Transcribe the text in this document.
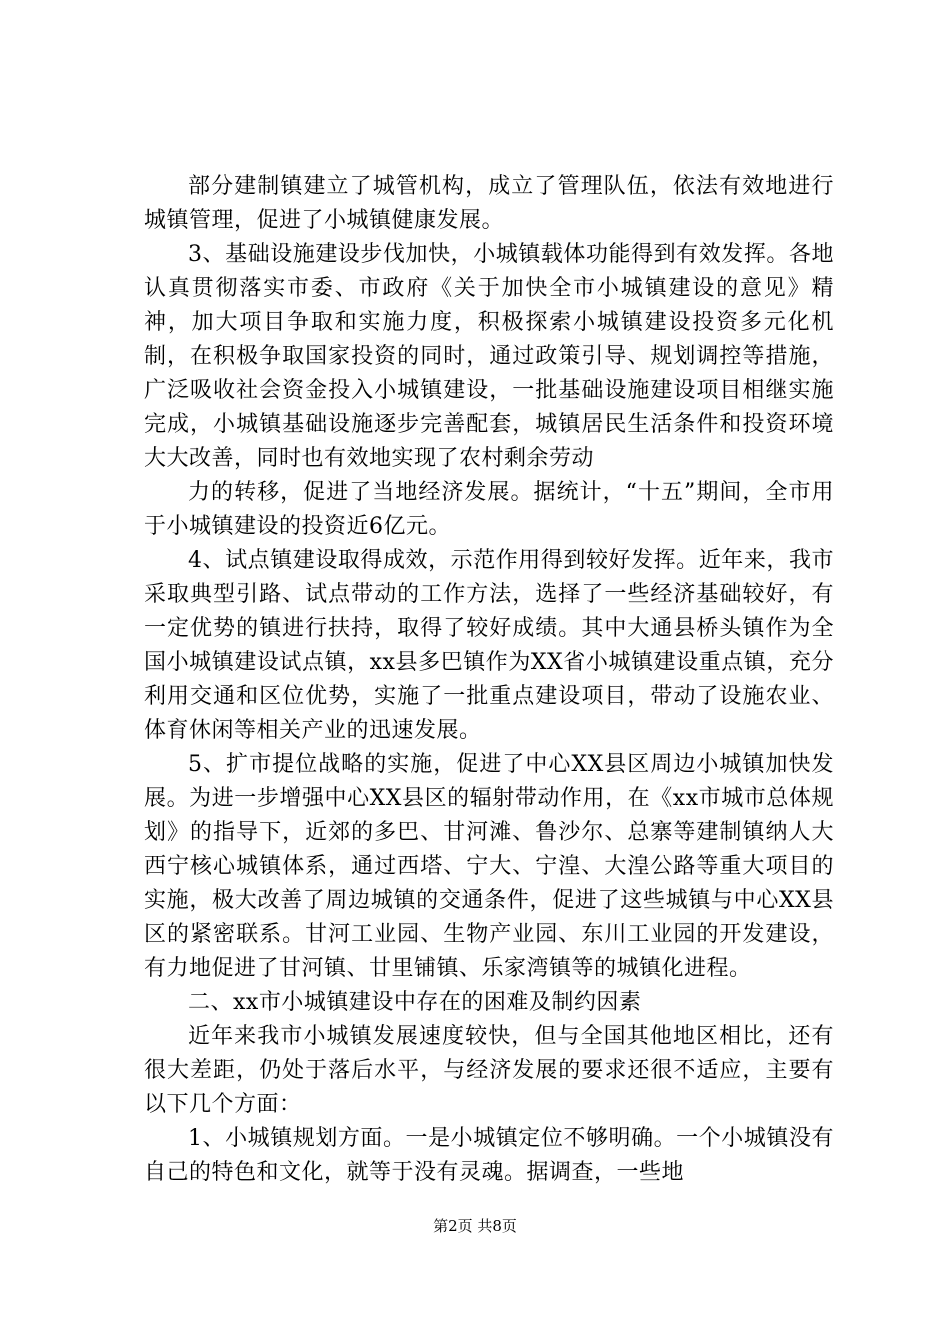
部分建制镇建立了城管机构，成立了管理队伍，依法有效地进行城镇管理，促进了小城镇健康发展。

3、基础设施建设步伐加快，小城镇载体功能得到有效发挥。各地认真贯彻落实市委、市政府《关于加快全市小城镇建设的意见》精神，加大项目争取和实施力度，积极探索小城镇建设投资多元化机制，在积极争取国家投资的同时，通过政策引导、规划调控等措施，广泛吸收社会资金投入小城镇建设，一批基础设施建设项目相继实施完成，小城镇基础设施逐步完善配套，城镇居民生活条件和投资环境大大改善，同时也有效地实现了农村剩余劳动

力的转移，促进了当地经济发展。据统计，“十五”期间，全市用于小城镇建设的投资近6亿元。

4、试点镇建设取得成效，示范作用得到较好发挥。近年来，我市采取典型引路、试点带动的工作方法，选择了一些经济基础较好，有一定优势的镇进行扶持，取得了较好成绩。其中大通县桥头镇作为全国小城镇建设试点镇，xx县多巴镇作为XX省小城镇建设重点镇，充分利用交通和区位优势，实施了一批重点建设项目，带动了设施农业、体育休闲等相关产业的迅速发展。

5、扩市提位战略的实施，促进了中心XX县区周边小城镇加快发展。为进一步增强中心XX县区的辐射带动作用，在《xx市城市总体规划》的指导下，近郊的多巴、甘河滩、鲁沙尔、总寨等建制镇纳人大西宁核心城镇体系，通过西塔、宁大、宁湟、大湟公路等重大项目的实施，极大改善了周边城镇的交通条件，促进了这些城镇与中心XX县区的紧密联系。甘河工业园、生物产业园、东川工业园的开发建设，有力地促进了甘河镇、廿里铺镇、乐家湾镇等的城镇化进程。

二、xx市小城镇建设中存在的困难及制约因素

近年来我市小城镇发展速度较快，但与全国其他地区相比，还有很大差距，仍处于落后水平，与经济发展的要求还很不适应，主要有以下几个方面：

1、小城镇规划方面。一是小城镇定位不够明确。一个小城镇没有自己的特色和文化，就等于没有灵魂。据调查，一些地

第2页 共8页
